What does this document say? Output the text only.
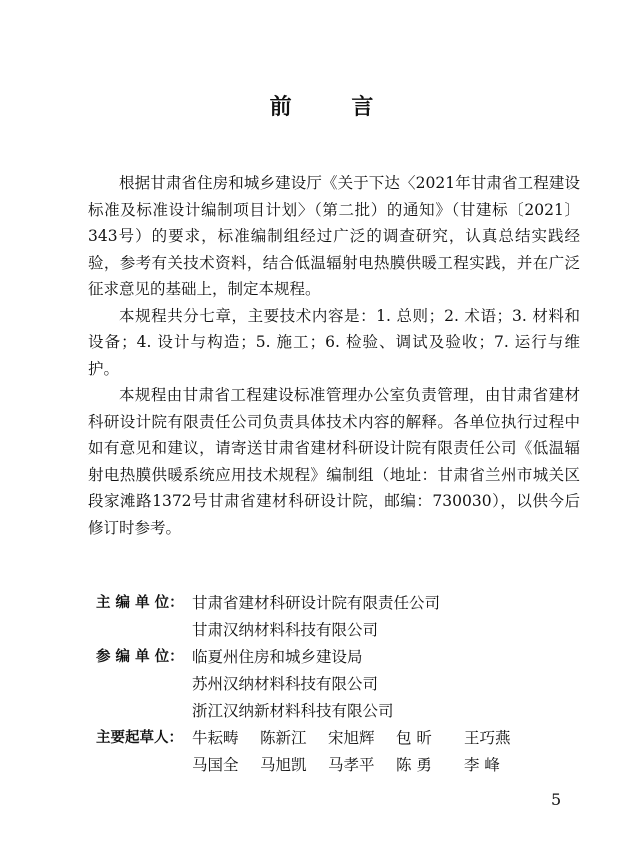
前 言

根据甘肃省住房和城乡建设厅《关于下达〈2021年甘肃省工程建设标准及标准设计编制项目计划〉（第二批）的通知》（甘建标〔2021〕343号）的要求，标准编制组经过广泛的调查研究，认真总结实践经验，参考有关技术资料，结合低温辐射电热膜供暖工程实践，并在广泛征求意见的基础上，制定本规程。

本规程共分七章，主要技术内容是：1. 总则；2. 术语；3. 材料和设备；4. 设计与构造；5. 施工；6. 检验、调试及验收；7. 运行与维护。

本规程由甘肃省工程建设标准管理办公室负责管理，由甘肃省建材科研设计院有限责任公司负责具体技术内容的解释。各单位执行过程中如有意见和建议，请寄送甘肃省建材科研设计院有限责任公司《低温辐射电热膜供暖系统应用技术规程》编制组（地址：甘肃省兰州市城关区段家滩路1372号甘肃省建材科研设计院，邮编：730030），以供今后修订时参考。

主 编 单 位： 甘肃省建材科研设计院有限责任公司
甘肃汉纳材料科技有限公司
参 编 单 位： 临夏州住房和城乡建设局
苏州汉纳材料科技有限公司
浙江汉纳新材料科技有限公司
主要起草人： 牛耘畴	陈新江	宋旭辉	包 昕	王巧燕
马国全	马旭凯	马孝平	陈 勇	李 峰
5
